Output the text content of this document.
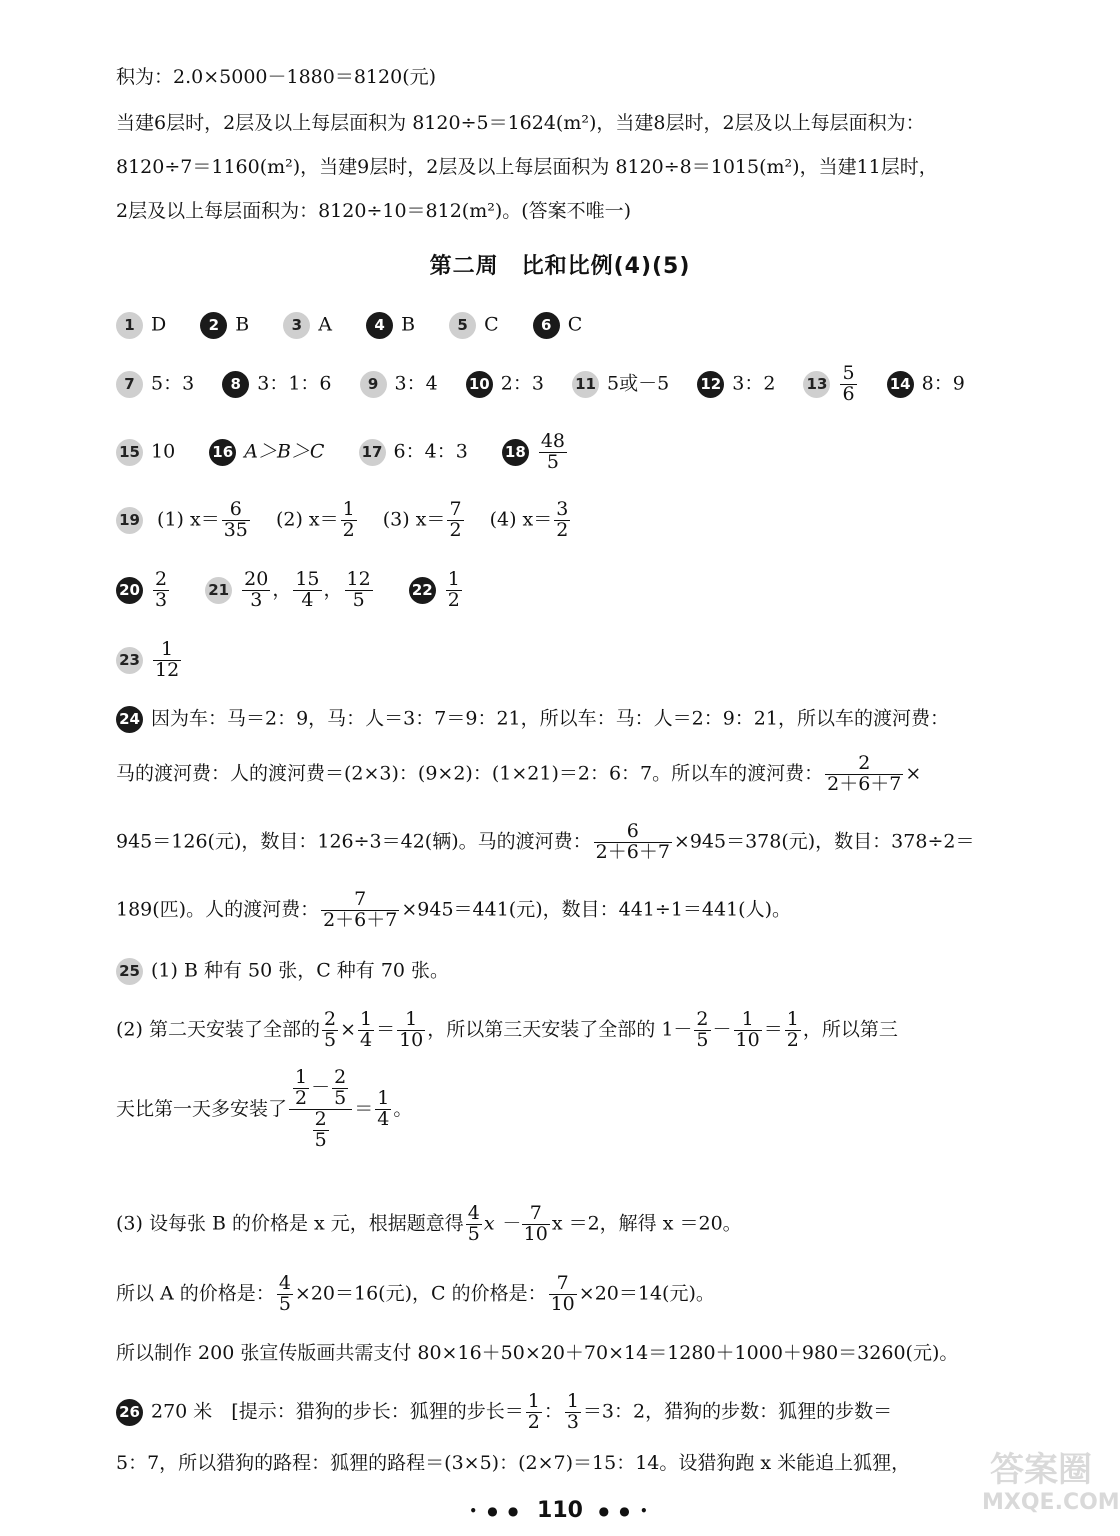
积为：2.0×5000－1880＝8120(元)
当建6层时，2层及以上每层面积为 8120÷5＝1624(m²)，当建8层时，2层及以上每层面积为：
8120÷7＝1160(m²)，当建9层时，2层及以上每层面积为 8120÷8＝1015(m²)，当建11层时，
2层及以上每层面积为：8120÷10＝812(m²)。(答案不唯一)
第二周　比和比例(4)(5)
1 D	2 B	3 A	4 B	5 C	6 C
7 5：3 8 3：1：6 9 3：4 10 2：3 11 5或－5 12 3：2 $13 \frac{5}{6} 14$ 8：9
15 10 16 A＞B＞C 17 6：4：3 $18 \frac{48}{5}$
19 (1) $x= \frac{6}{35} (2)$ $x= \frac{1}{2} (3)$ $x= \frac{7}{2} (4)$ $x= \frac{3}{2}$
$20 \frac{2}{3}$	$21 \frac{20}{3}$ ， $\frac{15}{4}$ ， $\frac{12}{5}$	$22 \frac{1}{2}$
$23 \frac{1}{12}$
24 因为车：马＝2：9，马：人＝3：7＝9：21，所以车：马：人＝2：9：21，所以车的渡河费：
马的渡河费：人的渡河费＝(2×3)：(9×2)：(1×21)＝2：6：7。所以车的渡河费： $\frac{2}{2+6+7}$ ×
945＝126(元)，数目：126÷3＝42(辆)。马的渡河费： $\frac{6}{2+6+7} \times 945=378$(元)，数目：378÷2＝
189(匹)。人的渡河费： $\frac{7}{2+6+7} \times 945=441$(元)，数目：441÷1＝441(人)。
25 (1) B 种有 50 张，C 种有 70 张。
(2) 第二天安装了全部的 $\frac{2}{5} \times \frac{1}{4} = \frac{1}{10}$ ，所以第三天安装了全部的 $1- \frac{2}{5} - \frac{1}{10} = \frac{1}{2}$ ，所以第三
天比第一天多安装了 $\frac{\frac{1}{2} - \frac{2}{5}}{\frac{2}{5}} = \frac{1}{4}$ 。
(3) 设每张 B 的价格是 x 元，根据题意得 $\frac{4}{5}$ $x - \frac{7}{10}$ x ＝2，解得 x ＝20。
所以 A 的价格是： $\frac{4}{5} \times 20=16$(元)，C 的价格是： $\frac{7}{10} \times 20=14$(元)。
所以制作 200 张宣传版画共需支付 80×16＋50×20＋70×14＝1280＋1000＋980＝3260(元)。
26 270 米　[提示：猎狗的步长：狐狸的步长＝ $\frac{1}{2}$ ： $\frac{1}{3} =3$：2，猎狗的步数：狐狸的步数＝
5：7，所以猎狗的路程：狐狸的路程＝(3×5)：(2×7)＝15：14。设猎狗跑 x 米能追上狐狸，	答案圈
MXQE.COM
• ● ● 110 ● ● •
